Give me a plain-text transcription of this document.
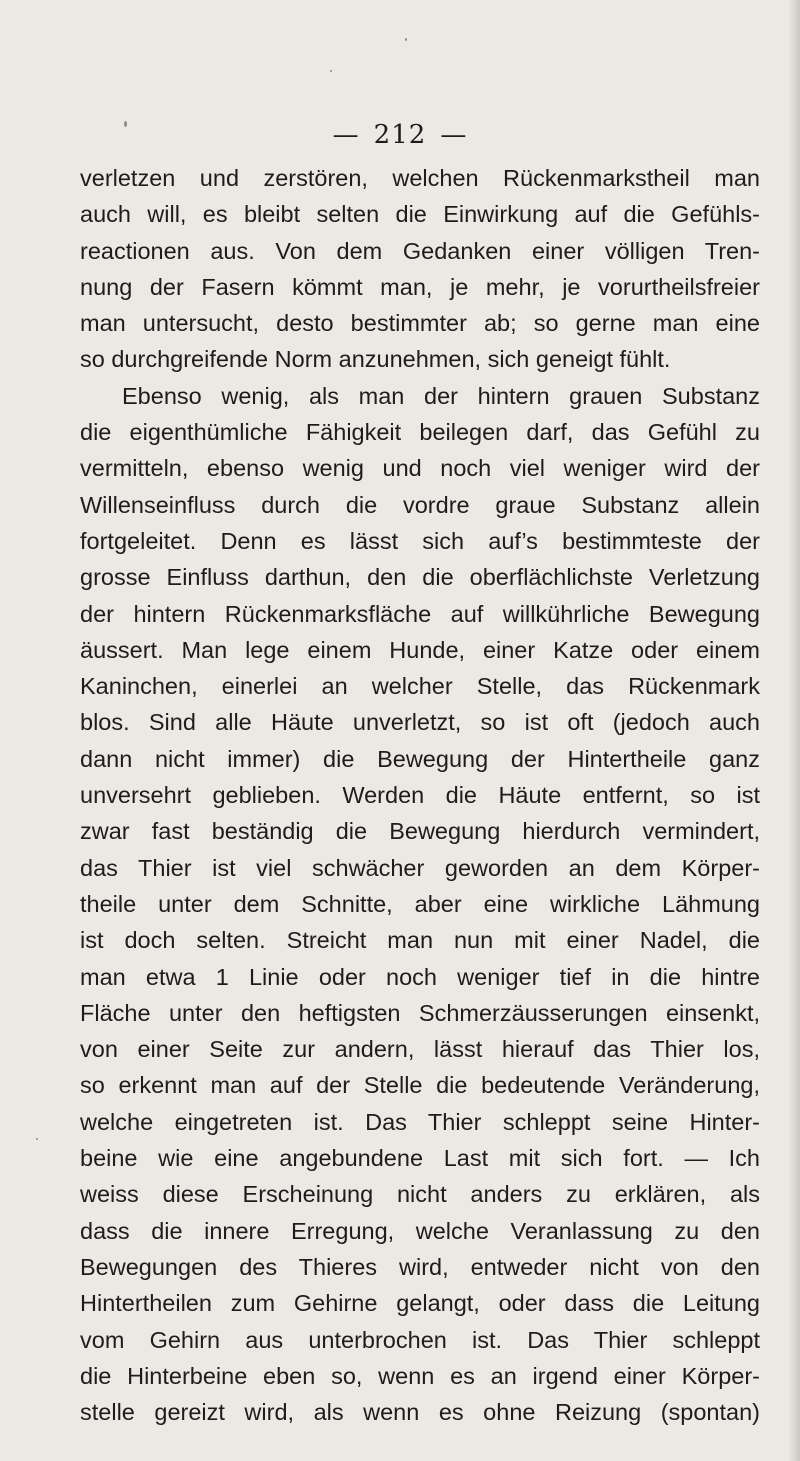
— 212 —
verletzen und zerstören, welchen Rückenmarkstheil man
auch will, es bleibt selten die Einwirkung auf die Gefühls-
reactionen aus. Von dem Gedanken einer völligen Tren-
nung der Fasern kömmt man, je mehr, je vorurtheilsfreier
man untersucht, desto bestimmter ab; so gerne man eine
so durchgreifende Norm anzunehmen, sich geneigt fühlt.
Ebenso wenig, als man der hintern grauen Substanz
die eigenthümliche Fähigkeit beilegen darf, das Gefühl zu
vermitteln, ebenso wenig und noch viel weniger wird der
Willenseinfluss durch die vordre graue Substanz allein
fortgeleitet. Denn es lässt sich auf’s bestimmteste der
grosse Einfluss darthun, den die oberflächlichste Verletzung
der hintern Rückenmarksfläche auf willkührliche Bewegung
äussert. Man lege einem Hunde, einer Katze oder einem
Kaninchen, einerlei an welcher Stelle, das Rückenmark
blos. Sind alle Häute unverletzt, so ist oft (jedoch auch
dann nicht immer) die Bewegung der Hintertheile ganz
unversehrt geblieben. Werden die Häute entfernt, so ist
zwar fast beständig die Bewegung hierdurch vermindert,
das Thier ist viel schwächer geworden an dem Körper-
theile unter dem Schnitte, aber eine wirkliche Lähmung
ist doch selten. Streicht man nun mit einer Nadel, die
man etwa 1 Linie oder noch weniger tief in die hintre
Fläche unter den heftigsten Schmerzäusserungen einsenkt,
von einer Seite zur andern, lässt hierauf das Thier los,
so erkennt man auf der Stelle die bedeutende Veränderung,
welche eingetreten ist. Das Thier schleppt seine Hinter-
beine wie eine angebundene Last mit sich fort. — Ich
weiss diese Erscheinung nicht anders zu erklären, als
dass die innere Erregung, welche Veranlassung zu den
Bewegungen des Thieres wird, entweder nicht von den
Hintertheilen zum Gehirne gelangt, oder dass die Leitung
vom Gehirn aus unterbrochen ist. Das Thier schleppt
die Hinterbeine eben so, wenn es an irgend einer Körper-
stelle gereizt wird, als wenn es ohne Reizung (spontan)
